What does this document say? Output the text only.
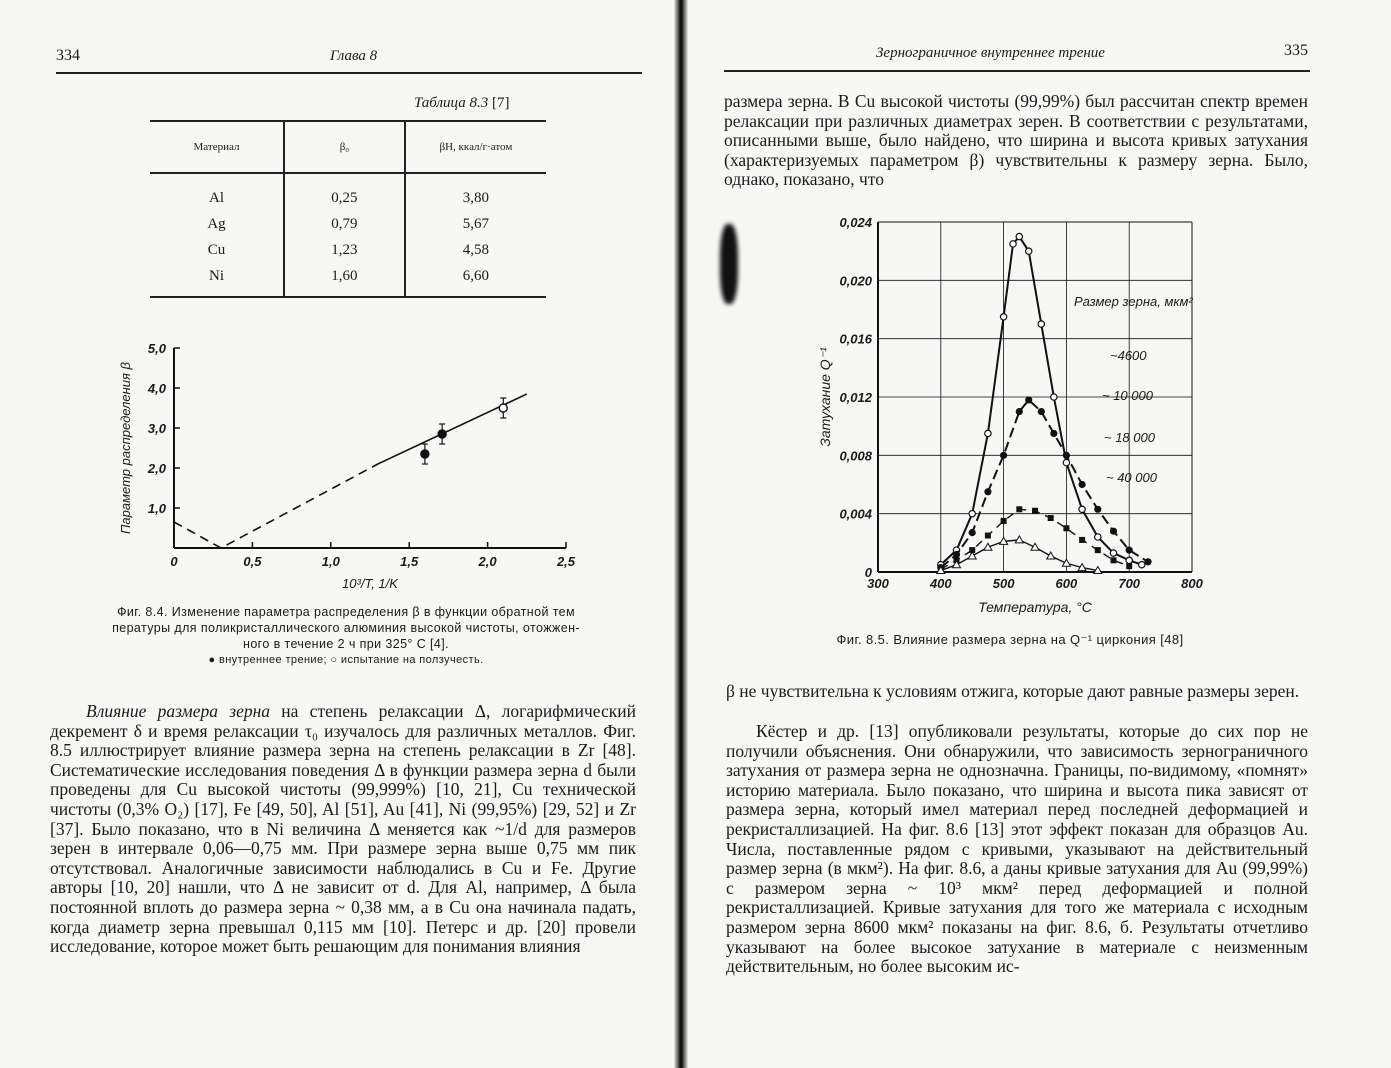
334	Глава 8
Таблица 8.3 [7]
Материал	β₀	βH, ккал/г·атом
Al	0,25	3,80
Ag	0,79	5,67
Cu	1,23	4,58
Ni	1,60	6,60
1,0
2,0
3,0
4,0
5,0
0	0,5	1,0	1,5	2,0	2,5
10³/T, 1/K
Параметр распределения β
Фиг. 8.4. Изменение параметра распределения β в функции обратной тем
пературы для поликристаллического алюминия высокой чистоты, отожжен-
ного в течение 2 ч при 325° С [4].
● внутреннее трение; ○ испытание на ползучесть.

Влияние размера зерна на степень релаксации Δ, логарифмический декремент δ и время релаксации τ₀ изучалось для различных металлов. Фиг. 8.5 иллюстрирует влияние размера зерна на степень релаксации в Zr [48]. Систематические исследования поведения Δ в функции размера зерна d были проведены для Cu высокой чистоты (99,999%) [10, 21], Cu технической чистоты (0,3% O₂) [17], Fe [49, 50], Al [51], Au [41], Ni (99,95%) [29, 52] и Zr [37]. Было показано, что в Ni величина Δ меняется как ~1/d для размеров зерен в интервале 0,06—0,75 мм. При размере зерна выше 0,75 мм пик отсутствовал. Аналогичные зависимости наблюдались в Cu и Fe. Другие авторы [10, 20] нашли, что Δ не зависит от d. Для Al, например, Δ была постоянной вплоть до размера зерна ~ 0,38 мм, а в Cu она начинала падать, когда диаметр зерна превышал 0,115 мм [10]. Петерс и др. [20] провели исследование, которое может быть решающим для понимания влияния

Зернограничное внутреннее трение	335

размера зерна. В Cu высокой чистоты (99,99%) был рассчитан спектр времен релаксации при различных диаметрах зерен. В соответствии с результатами, описанными выше, было найдено, что ширина и высота кривых затухания (характеризуемых параметром β) чувствительны к размеру зерна. Было, однако, показано, что

0
0,004
0,008
0,012
0,016
0,020
0,024
300	400	500	600	700	800
Температура, °С
Затухание Q⁻¹
Размер зерна, мкм²
~4600
~ 10 000
~ 18 000
~ 40 000
Фиг. 8.5. Влияние размера зерна на Q⁻¹ циркония [48]

β не чувствительна к условиям отжига, которые дают равные размеры зерен.

Кёстер и др. [13] опубликовали результаты, которые до сих пор не получили объяснения. Они обнаружили, что зависимость зернограничного затухания от размера зерна не однозначна. Границы, по-видимому, «помнят» историю материала. Было показано, что ширина и высота пика зависят от размера зерна, который имел материал перед последней деформацией и рекристаллизацией. На фиг. 8.6 [13] этот эффект показан для образцов Au. Числа, поставленные рядом с кривыми, указывают на действительный размер зерна (в мкм²). На фиг. 8.6, а даны кривые затухания для Au (99,99%) с размером зерна ~ 10³ мкм² перед деформацией и полной рекристаллизацией. Кривые затухания для того же материала с исходным размером зерна 8600 мкм² показаны на фиг. 8.6, б. Результаты отчетливо указывают на более высокое затухание в материале с неизменным действительным, но более высоким ис-
